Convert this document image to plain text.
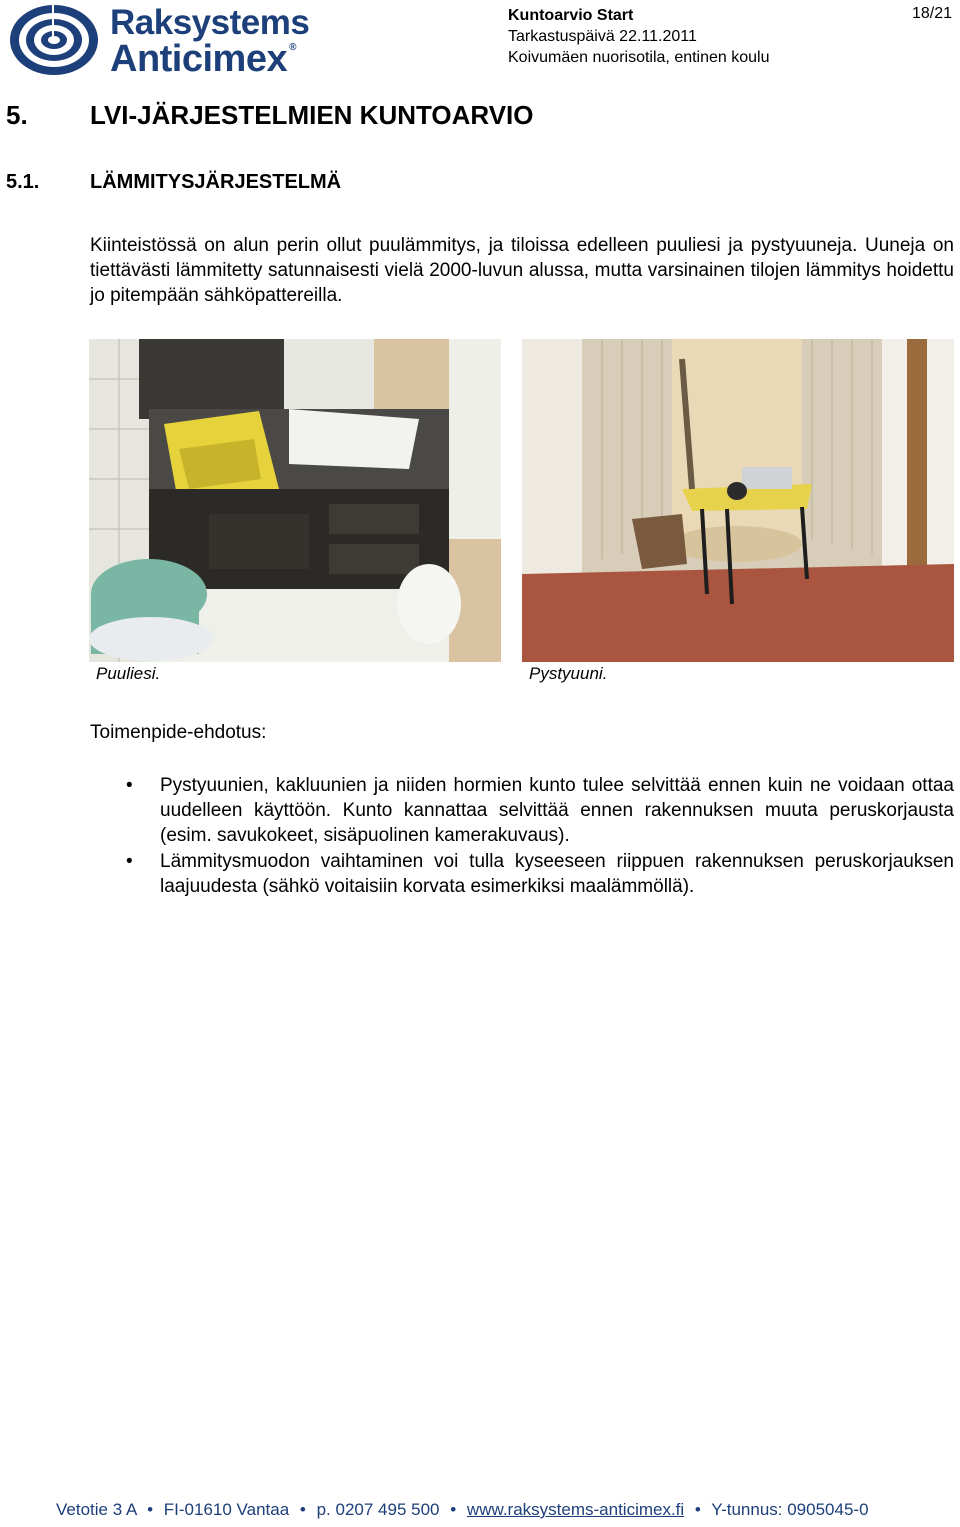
Raksystems
Anticimex ®
Kuntoarvio Start
Tarkastuspäivä 22.11.2011
Koivumäen nuorisotila, entinen koulu
18/21
5. LVI-JÄRJESTELMIEN KUNTOARVIO
5.1.	LÄMMITYSJÄRJESTELMÄ

Kiinteistössä on alun perin ollut puulämmitys, ja tiloissa edelleen puuliesi ja pystyuuneja. Uuneja on tiettävästi lämmitetty satunnaisesti vielä 2000-luvun alussa, mutta varsinainen tilojen lämmitys hoidettu jo pitempään sähköpattereilla.

Puuliesi.	Pystyuuni.
Toimenpide-ehdotus:
• Pystyuunien, kakluunien ja niiden hormien kunto tulee selvittää ennen kuin ne voidaan ottaa uudelleen käyttöön. Kunto kannattaa selvittää ennen rakennuksen muuta peruskorjausta (esim. savukokeet, sisäpuolinen kamerakuvaus).
• Lämmitysmuodon vaihtaminen voi tulla kyseeseen riippuen rakennuksen peruskorjauksen laajuudesta (sähkö voitaisiin korvata esimerkiksi maalämmöllä).
Vetotie 3 A • FI-01610 Vantaa • p. 0207 495 500 • www.raksystems-anticimex.fi • Y-tunnus: 0905045-0
